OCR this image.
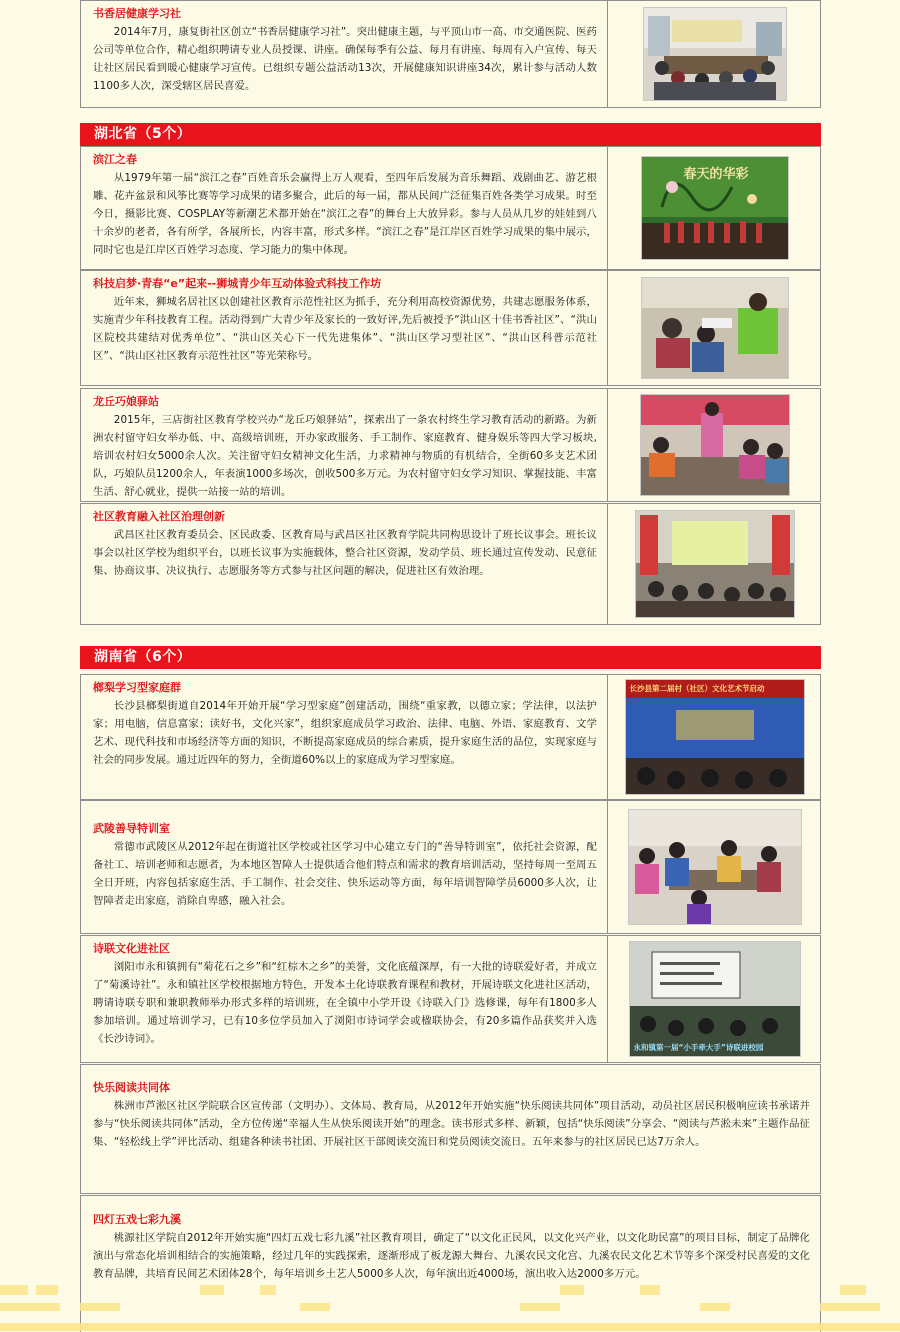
书香居健康学习社
2014年7月，康复街社区创立“书香居健康学习社”。突出健康主题，与平顶山市一高、市交通医院、医药公司等单位合作，精心组织聘请专业人员授课、讲座。确保每季有公益、每月有讲座、每周有入户宣传、每天让社区居民看到暖心健康学习宣传。已组织专题公益活动13次，开展健康知识讲座34次，累计参与活动人数1100多人次，深受辖区居民喜爱。
湖北省（5个）
滨江之春
从1979年第一届“滨江之春”百姓音乐会赢得上万人观看，至四年后发展为音乐舞蹈、戏剧曲艺、游艺根雕、花卉盆景和风筝比赛等学习成果的诸多聚合，此后的每一届，都从民间广泛征集百姓各类学习成果。时至今日，摄影比赛、COSPLAY等新潮艺术都开始在“滨江之春”的舞台上大放异彩。参与人员从几岁的娃娃到八十余岁的老者，各有所学，各展所长，内容丰富，形式多样。“滨江之春”是江岸区百姓学习成果的集中展示，同时它也是江岸区百姓学习态度、学习能力的集中体现。
春天的华彩
科技启梦·青春“e”起来--狮城青少年互动体验式科技工作坊
近年来，狮城名居社区以创建社区教育示范性社区为抓手，充分利用高校资源优势，共建志愿服务体系，实施青少年科技教育工程。活动得到广大青少年及家长的一致好评,先后被授予“洪山区十佳书香社区”、“洪山区院校共建结对优秀单位”、“洪山区关心下一代先进集体”、“洪山区学习型社区”、“洪山区科普示范社区”、“洪山区社区教育示范性社区”等光荣称号。
龙丘巧娘驿站
2015年，三店街社区教育学校兴办“龙丘巧娘驿站”，探索出了一条农村终生学习教育活动的新路。为新洲农村留守妇女举办低、中、高级培训班，开办家政服务、手工制作、家庭教育、健身娱乐等四大学习板块,培训农村妇女5000余人次。关注留守妇女精神文化生活，力求精神与物质的有机结合，全街60多支艺术团队，巧娘队员1200余人，年表演1000多场次，创收500多万元。为农村留守妇女学习知识、掌握技能、丰富生活、舒心就业，提供一站接一站的培训。
社区教育融入社区治理创新
武昌区社区教育委员会、区民政委、区教育局与武昌区社区教育学院共同构思设计了班长议事会。班长议事会以社区学校为组织平台，以班长议事为实施载体，整合社区资源，发动学员、班长通过宣传发动、民意征集、协商议事、决议执行、志愿服务等方式参与社区问题的解决，促进社区有效治理。
湖南省（6个）
榔梨学习型家庭群
长沙县榔梨街道自2014年开始开展“学习型家庭”创建活动，围绕“重家教，以德立家；学法律，以法护家；用电脑，信息富家；读好书，文化兴家”，组织家庭成员学习政治、法律、电脑、外语、家庭教育、文学艺术、现代科技和市场经济等方面的知识，不断提高家庭成员的综合素质，提升家庭生活的品位，实现家庭与社会的同步发展。通过近四年的努力，全街道60%以上的家庭成为学习型家庭。
长沙县第二届村（社区）文化艺术节启动
武陵善导特训室
常德市武陵区从2012年起在街道社区学校或社区学习中心建立专门的“善导特训室”，依托社会资源，配备社工、培训老师和志愿者，为本地区智障人士提供适合他们特点和需求的教育培训活动，坚持每周一至周五全日开班，内容包括家庭生活、手工制作、社会交往、快乐运动等方面，每年培训智障学员6000多人次，让智障者走出家庭，消除自卑感，融入社会。
诗联文化进社区
浏阳市永和镇拥有“菊花石之乡”和“红棕木之乡”的美誉，文化底蕴深厚，有一大批的诗联爱好者，并成立了“菊溪诗社”。永和镇社区学校根据地方特色，开发本土化诗联教育课程和教材，开展诗联文化进社区活动，聘请诗联专职和兼职教师举办形式多样的培训班，在全镇中小学开设《诗联入门》选修课，每年有1800多人参加培训。通过培训学习，已有10多位学员加入了浏阳市诗词学会或楹联协会，有20多篇作品获奖并入选《长沙诗词》。
永和镇第一届“小手牵大手”诗联进校园
快乐阅读共同体
株洲市芦淞区社区学院联合区宣传部（文明办）、文体局、教育局，从2012年开始实施“快乐阅读共同体”项目活动，动员社区居民积极响应读书承诺并参与“快乐阅读共同体”活动，全方位传递“幸福人生从快乐阅读开始”的理念。读书形式多样、新颖，包括“快乐阅读”分享会、“阅读与芦淞未来”主题作品征集、“轻松线上学”评比活动、组建各种读书社团、开展社区干部阅读交流日和党员阅读交流日。五年来参与的社区居民已达7万余人。
四灯五戏七彩九溪
桃源社区学院自2012年开始实施“四灯五戏七彩九溪”社区教育项目，确定了“以文化正民风，以文化兴产业，以文化助民富”的项目目标，制定了品牌化演出与常态化培训相结合的实施策略，经过几年的实践探索，逐渐形成了板龙源大舞台、九溪农民文化宫、九溪农民文化艺术节等多个深受村民喜爱的文化教育品牌，共培育民间艺术团体28个，每年培训乡土艺人5000多人次，每年演出近4000场，演出收入达2000多万元。
